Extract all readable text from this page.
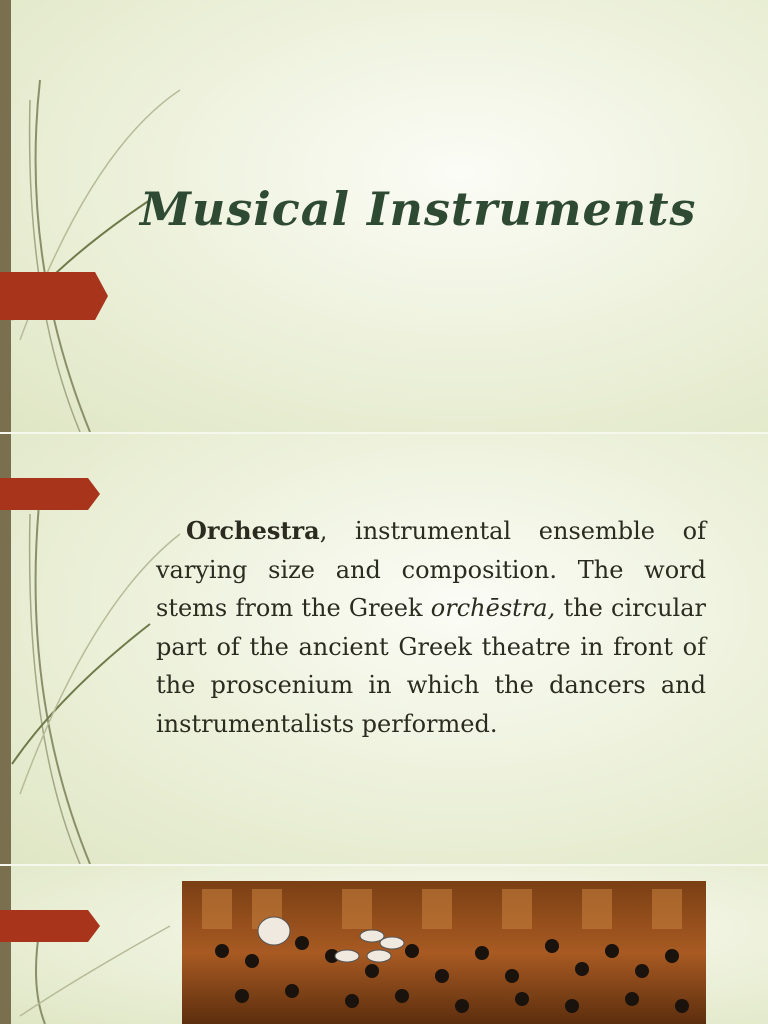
Musical Instruments
Orchestra, instrumental ensemble of varying size and composition. The word stems from the Greek orchēstra, the circular part of the ancient Greek theatre in front of the proscenium in which the dancers and instrumentalists performed.
